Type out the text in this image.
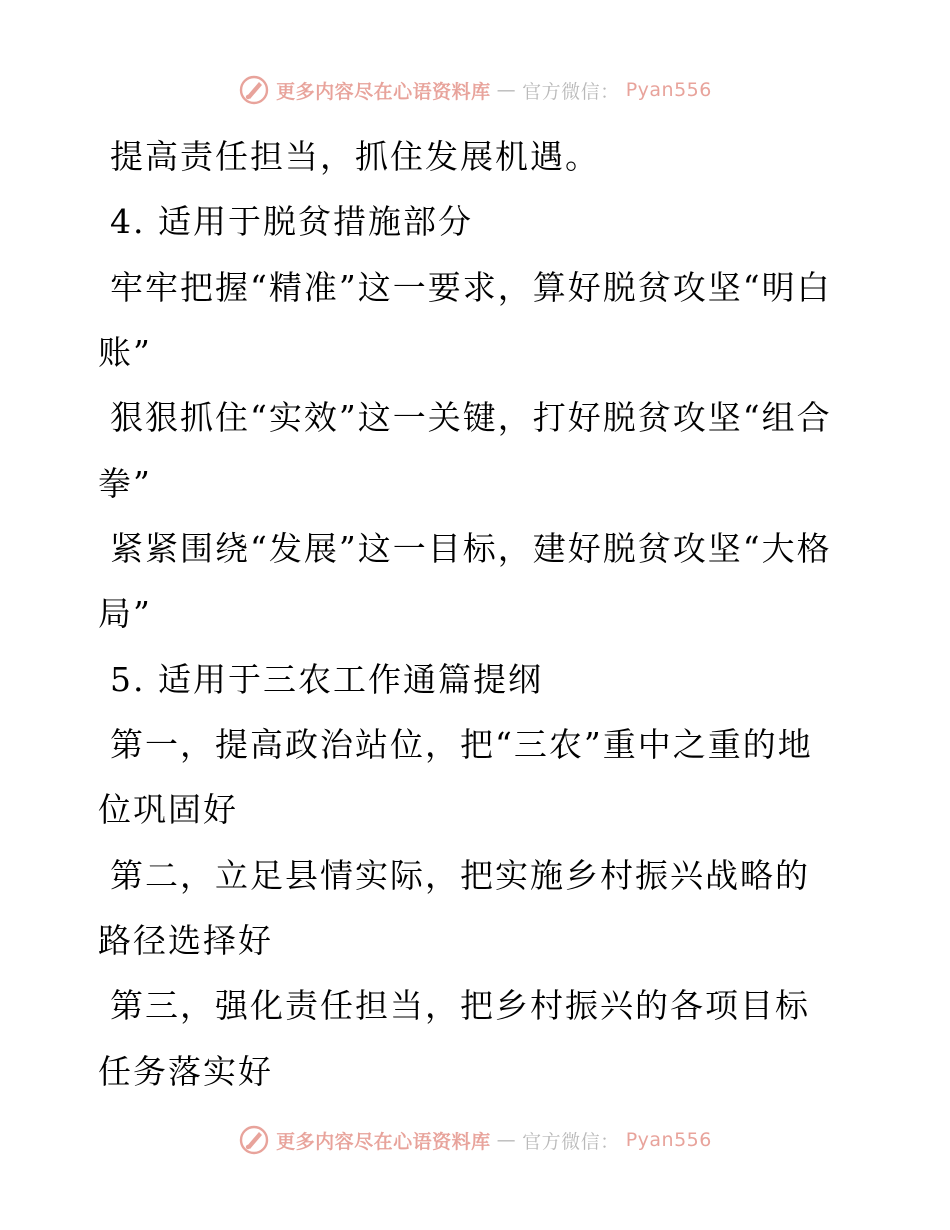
更多内容尽在心语资料库 — 官方微信： Pyan556

提高责任担当，抓住发展机遇。

4. 适用于脱贫措施部分

牢牢把握“精准”这一要求，算好脱贫攻坚“明白账”

狠狠抓住“实效”这一关键，打好脱贫攻坚“组合拳”

紧紧围绕“发展”这一目标，建好脱贫攻坚“大格局”

5. 适用于三农工作通篇提纲

第一，提高政治站位，把“三农”重中之重的地位巩固好

第二，立足县情实际，把实施乡村振兴战略的路径选择好

第三，强化责任担当，把乡村振兴的各项目标任务落实好

更多内容尽在心语资料库 — 官方微信： Pyan556
